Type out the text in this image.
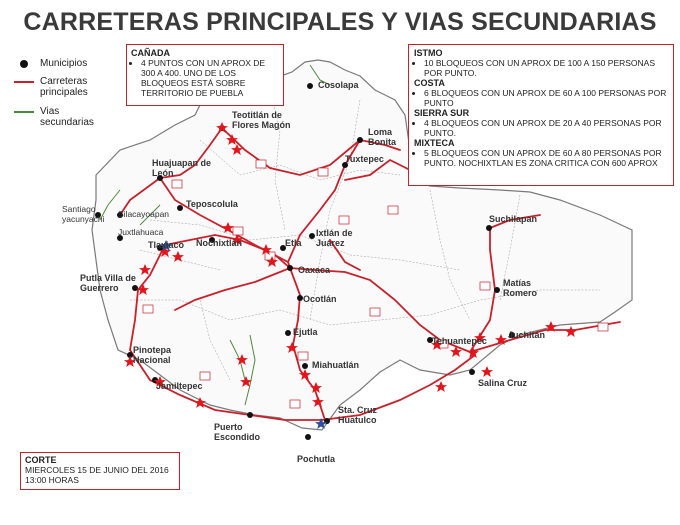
CARRETERAS PRINCIPALES Y VIAS SECUNDARIAS
Municipios
Carreteras principales
Vias secundarias
Cosolapa
Teotitlán de Flores Magón
Loma Bonita
Tuxtepec
Huajuapan de León
Teposcolula
Santiago yacunyachi	Silacayoapan
Juxtlahuaca
Tlaxiaco Nochixtlán	Etla
Ixtlán de Juárez
Suchilapan
Oaxaca
Putla Villa de Guerrero
Ocotlán
Matías Romero
Ejutla
Tehuantepec
Juchitán
Pinotepa Nacional	Miahuatlán
Jamiltepec	Salina Cruz
Puerto Escondido
Sta. Cruz Huatulco
Pochutla
CAÑADA
• 4 PUNTOS CON UN APROX DE 300 A 400. UNO DE LOS BLOQUEOS ESTÁ SOBRE TERRITORIO DE PUEBLA
ISTMO
• 10 BLOQUEOS CON UN APROX DE 100 A 150 PERSONAS POR PUNTO.
COSTA
• 6 BLOQUEOS CON UN APROX DE 60 A 100 PERSONAS POR PUNTO
SIERRA SUR
• 4 BLOQUEOS CON UN APROX DE 20 A 40 PERSONAS POR PUNTO.
MIXTECA
• 5 BLOQUEOS CON UN APROX DE 60 A 80 PERSONAS POR PUNTO. NOCHIXTLAN ES ZONA CRITICA CON 600 APROX
CORTE
MIERCOLES 15 DE JUNIO DEL 2016
13:00 HORAS
